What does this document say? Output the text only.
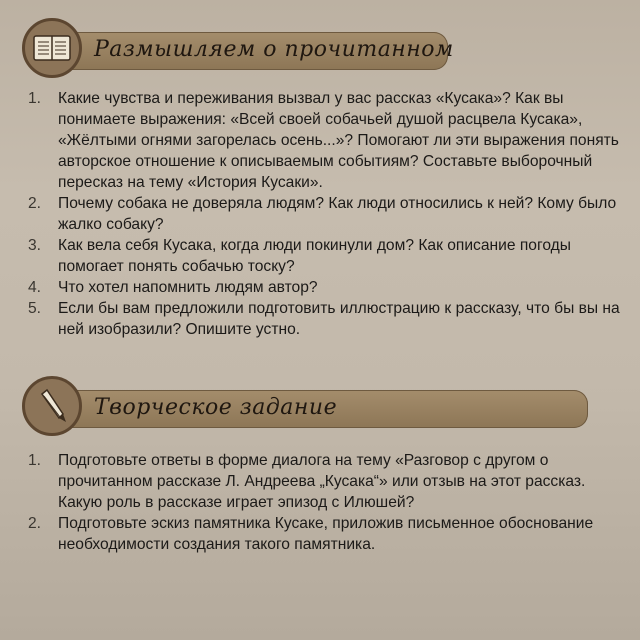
Размышляем о прочитанном
1. Какие чувства и переживания вызвал у вас рассказ «Кусака»? Как вы понимаете выражения: «Всей своей собачьей душой расцвела Кусака», «Жёлтыми огнями загорелась осень...»? Помогают ли эти выражения понять авторское отношение к описываемым событиям? Составьте выборочный пересказ на тему «История Кусаки».
2. Почему собака не доверяла людям? Как люди относились к ней? Кому было жалко собаку?
3. Как вела себя Кусака, когда люди покинули дом? Как описание погоды помогает понять собачью тоску?
4. Что хотел напомнить людям автор?
5. Если бы вам предложили подготовить иллюстрацию к рассказу, что бы вы на ней изобразили? Опишите устно.
Творческое задание
1. Подготовьте ответы в форме диалога на тему «Разговор с другом о прочитанном рассказе Л. Андреева „Кусака“» или отзыв на этот рассказ. Какую роль в рассказе играет эпизод с Илюшей?
2. Подготовьте эскиз памятника Кусаке, приложив письменное обоснование необходимости создания такого памятника.
